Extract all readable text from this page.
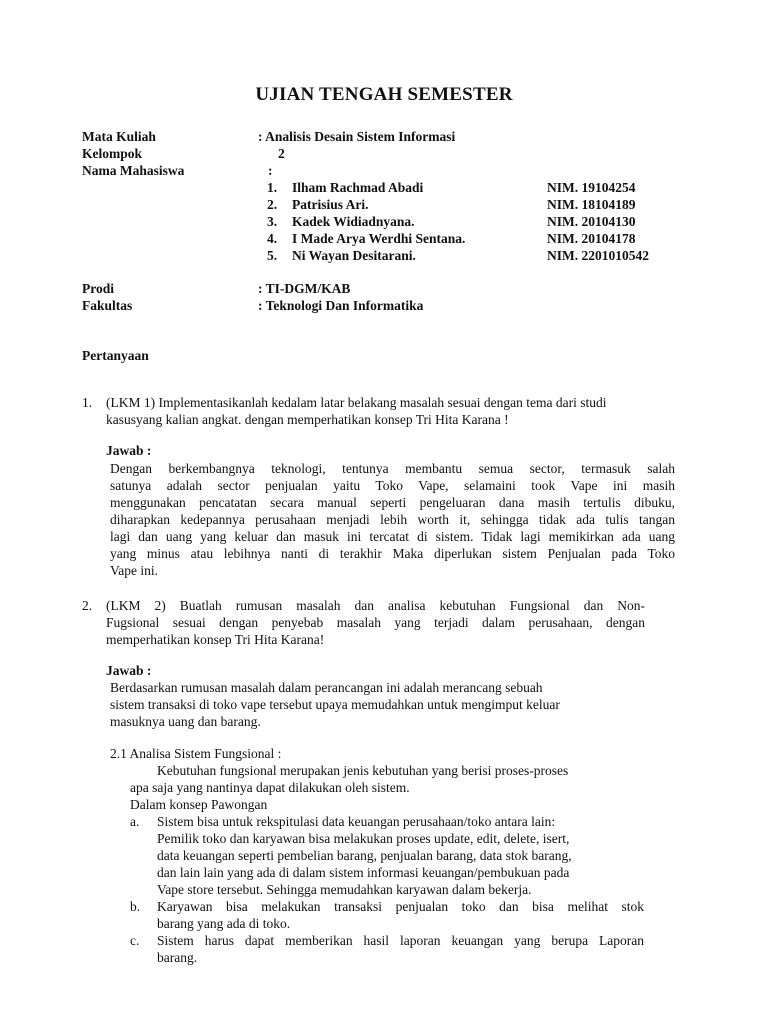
UJIAN TENGAH SEMESTER
Mata Kuliah	: Analisis Desain Sistem Informasi
Kelompok	2
Nama Mahasiswa	:
1. Ilham Rachmad Abadi	NIM. 19104254
2. Patrisius Ari.	NIM. 18104189
3. Kadek Widiadnyana.	NIM. 20104130
4. I Made Arya Werdhi Sentana.	NIM. 20104178
5. Ni Wayan Desitarani.	NIM. 2201010542
Prodi	: TI-DGM/KAB
Fakultas	: Teknologi Dan Informatika
Pertanyaan
1. (LKM 1) Implementasikanlah kedalam latar belakang masalah sesuai dengan tema dari studi
kasusyang kalian angkat. dengan memperhatikan konsep Tri Hita Karana !
Jawab :
Dengan berkembangnya teknologi, tentunya membantu semua sector, termasuk salah
satunya adalah sector penjualan yaitu Toko Vape, selamaini took Vape ini masih
menggunakan pencatatan secara manual seperti pengeluaran dana masih tertulis dibuku,
diharapkan kedepannya perusahaan menjadi lebih worth it, sehingga tidak ada tulis tangan
lagi dan uang yang keluar dan masuk ini tercatat di sistem. Tidak lagi memikirkan ada uang
yang minus atau lebihnya nanti di terakhir Maka diperlukan sistem Penjualan pada Toko
Vape ini.
2. (LKM 2) Buatlah rumusan masalah dan analisa kebutuhan Fungsional dan Non-
Fugsional sesuai dengan penyebab masalah yang terjadi dalam perusahaan, dengan
memperhatikan konsep Tri Hita Karana!
Jawab :
Berdasarkan rumusan masalah dalam perancangan ini adalah merancang sebuah
sistem transaksi di toko vape tersebut upaya memudahkan untuk mengimput keluar
masuknya uang dan barang.
2.1 Analisa Sistem Fungsional :
Kebutuhan fungsional merupakan jenis kebutuhan yang berisi proses-proses
apa saja yang nantinya dapat dilakukan oleh sistem.
Dalam konsep Pawongan
a. Sistem bisa untuk rekspitulasi data keuangan perusahaan/toko antara lain:
Pemilik toko dan karyawan bisa melakukan proses update, edit, delete, isert,
data keuangan seperti pembelian barang, penjualan barang, data stok barang,
dan lain lain yang ada di dalam sistem informasi keuangan/pembukuan pada
Vape store tersebut. Sehingga memudahkan karyawan dalam bekerja.
b. Karyawan bisa melakukan transaksi penjualan toko dan bisa melihat stok
barang yang ada di toko.
c. Sistem harus dapat memberikan hasil laporan keuangan yang berupa Laporan
barang.
